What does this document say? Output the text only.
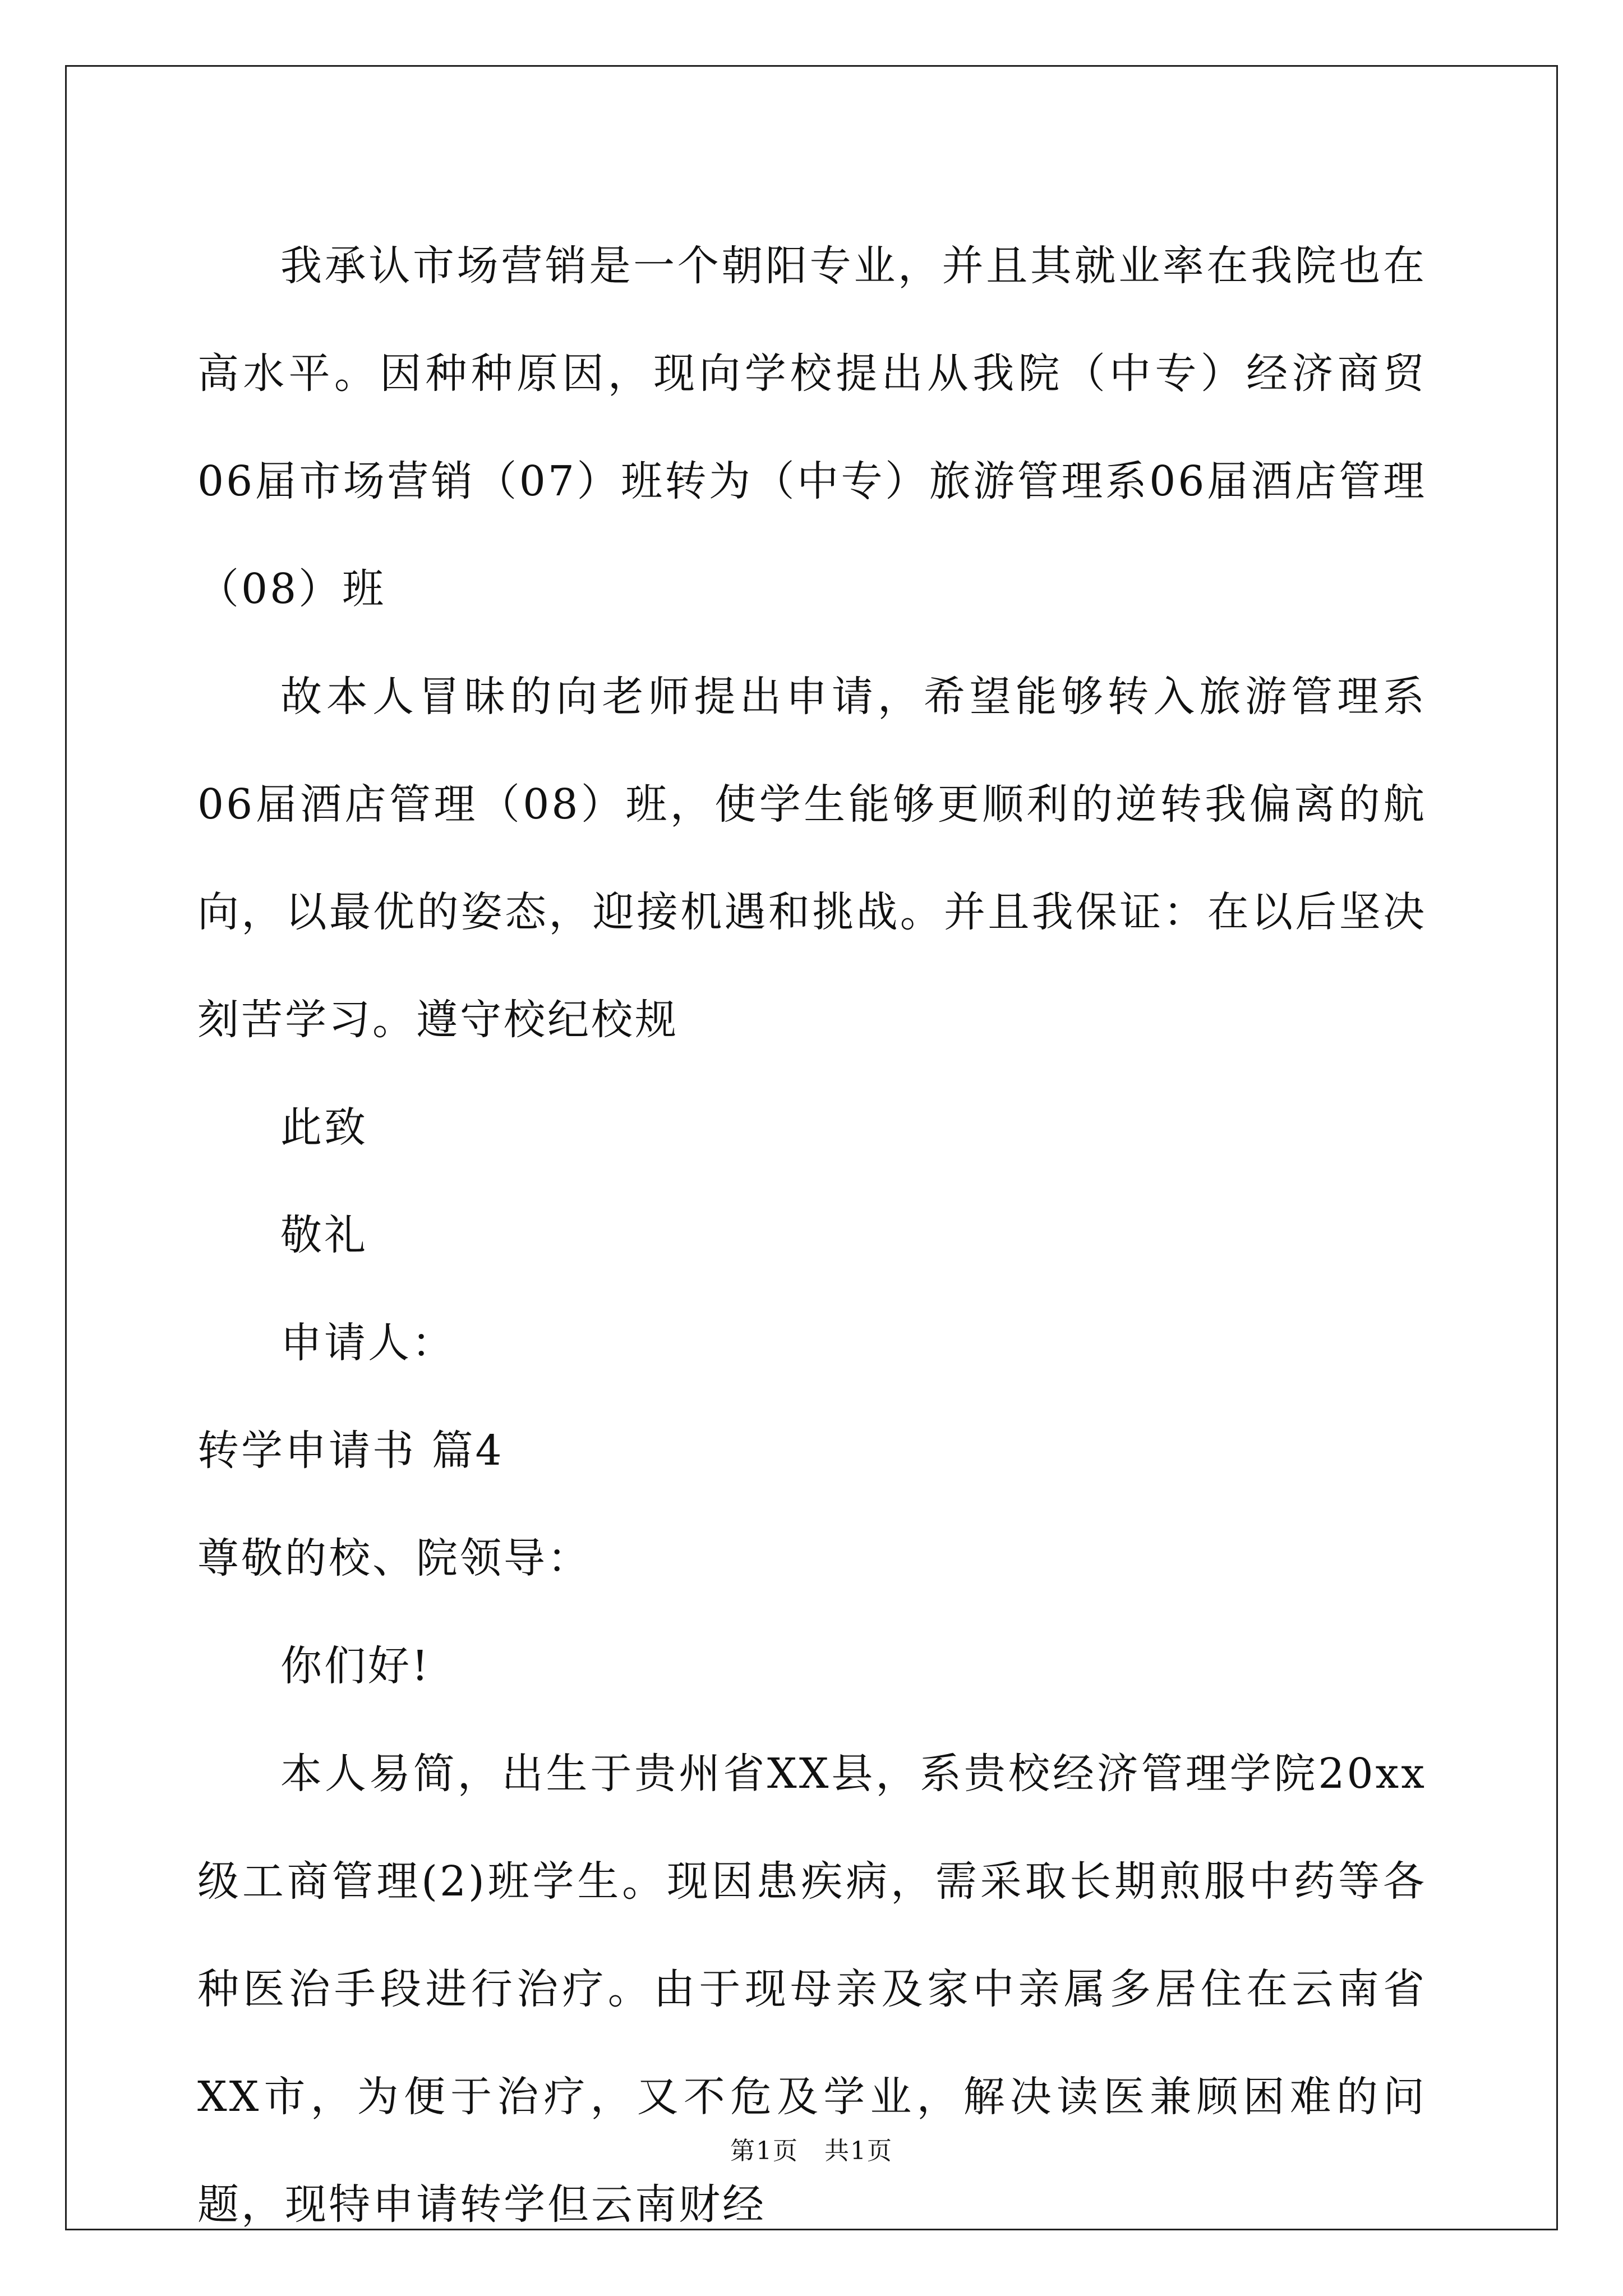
我承认市场营销是一个朝阳专业，并且其就业率在我院也在高水平。因种种原因，现向学校提出从我院（中专）经济商贸06届市场营销（07）班转为（中专）旅游管理系06届酒店管理（08）班

故本人冒昧的向老师提出申请，希望能够转入旅游管理系06届酒店管理（08）班，使学生能够更顺利的逆转我偏离的航向，以最优的姿态，迎接机遇和挑战。并且我保证：在以后坚决刻苦学习。遵守校纪校规

此致

敬礼

申请人：

转学申请书 篇4

尊敬的校、院领导：

你们好!

本人易简，出生于贵州省XX县，系贵校经济管理学院20xx级工商管理(2)班学生。现因患疾病，需采取长期煎服中药等各种医治手段进行治疗。由于现母亲及家中亲属多居住在云南省XX市，为便于治疗，又不危及学业，解决读医兼顾困难的问题，现特申请转学但云南财经

第1页　共1页
